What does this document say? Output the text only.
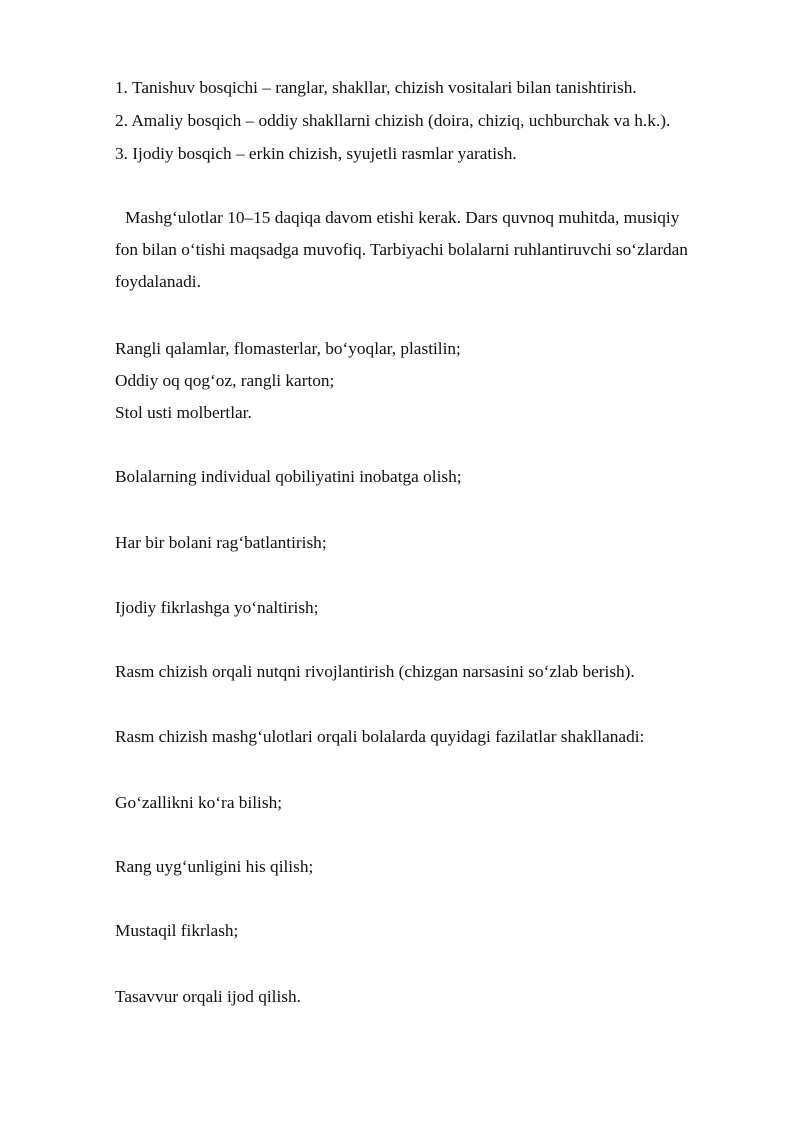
1. Tanishuv bosqichi – ranglar, shakllar, chizish vositalari bilan tanishtirish.
2. Amaliy bosqich – oddiy shakllarni chizish (doira, chiziq, uchburchak va h.k.).
3. Ijodiy bosqich – erkin chizish, syujetli rasmlar yaratish.
Mashg‘ulotlar 10–15 daqiqa davom etishi kerak. Dars quvnoq muhitda, musiqiy
fon bilan o‘tishi maqsadga muvofiq. Tarbiyachi bolalarni ruhlantiruvchi so‘zlardan
foydalanadi.
Rangli qalamlar, flomasterlar, bo‘yoqlar, plastilin;
Oddiy oq qog‘oz, rangli karton;
Stol usti molbertlar.
Bolalarning individual qobiliyatini inobatga olish;
Har bir bolani rag‘batlantirish;
Ijodiy fikrlashga yo‘naltirish;
Rasm chizish orqali nutqni rivojlantirish (chizgan narsasini so‘zlab berish).
Rasm chizish mashg‘ulotlari orqali bolalarda quyidagi fazilatlar shakllanadi:
Go‘zallikni ko‘ra bilish;
Rang uyg‘unligini his qilish;
Mustaqil fikrlash;
Tasavvur orqali ijod qilish.
